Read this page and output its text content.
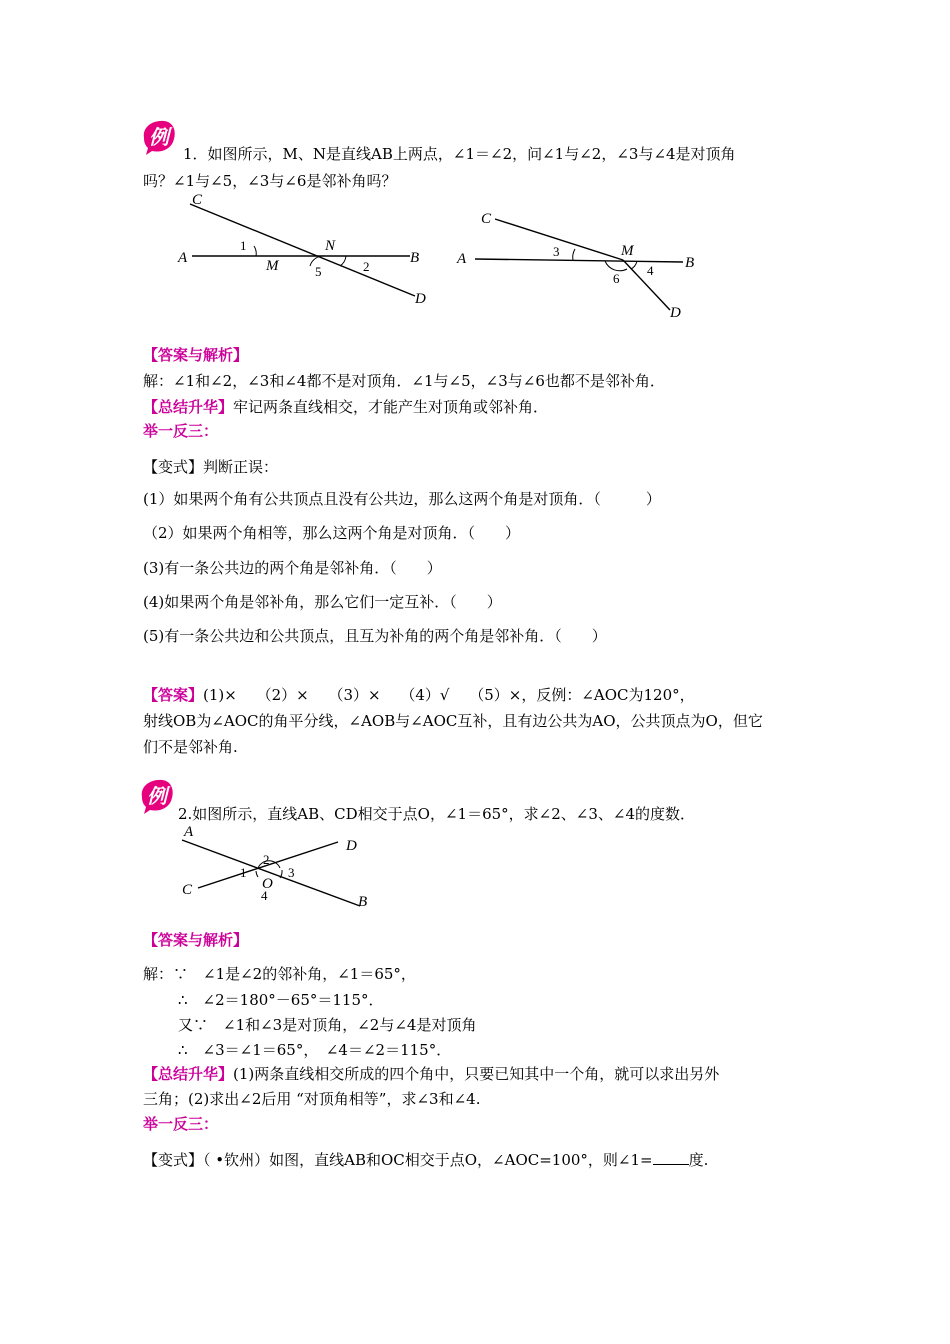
例
1．如图所示，M、N是直线AB上两点，∠1＝∠2，问∠1与∠2，∠3与∠4是对顶角
吗？∠1与∠5，∠3与∠6是邻补角吗？
C
A	M
N
B
D
1
5	2
C
A	M
B
D
3
6
4
【答案与解析】
解：∠1和∠2，∠3和∠4都不是对顶角．∠1与∠5，∠3与∠6也都不是邻补角．
【总结升华】牢记两条直线相交，才能产生对顶角或邻补角．
举一反三：
【变式】判断正误：
(1）如果两个角有公共顶点且没有公共边，那么这两个角是对顶角．（　　　）
（2）如果两个角相等，那么这两个角是对顶角．（　　）
(3)有一条公共边的两个角是邻补角．（　　）
(4)如果两个角是邻补角，那么它们一定互补．（　　）
(5)有一条公共边和公共顶点，且互为补角的两个角是邻补角．（　　）
【答案】(1)×　 （2）×　 （3）×　 （4）√　 （5）×，反例：∠AOC为120°，
射线OB为∠AOC的角平分线，∠AOB与∠AOC互补，且有边公共为AO，公共顶点为O，但它
们不是邻补角.
例
2.如图所示，直线AB、CD相交于点O，∠1＝65°，求∠2、∠3、∠4的度数．
A
D
C	O
B
2
1	3
4
【答案与解析】
解：∵　∠1是∠2的邻补角，∠1＝65°，
∴　∠2＝180°－65°＝115°．
又∵　∠1和∠3是对顶角，∠2与∠4是对顶角
∴　∠3＝∠1＝65°，　∠4＝∠2＝115°．
【总结升华】(1)两条直线相交所成的四个角中，只要已知其中一个角，就可以求出另外
三角；(2)求出∠2后用 “对顶角相等”，求∠3和∠4.
举一反三：
【变式】（ •钦州）如图，直线AB和OC相交于点O，∠AOC=100°，则∠1= 度.
